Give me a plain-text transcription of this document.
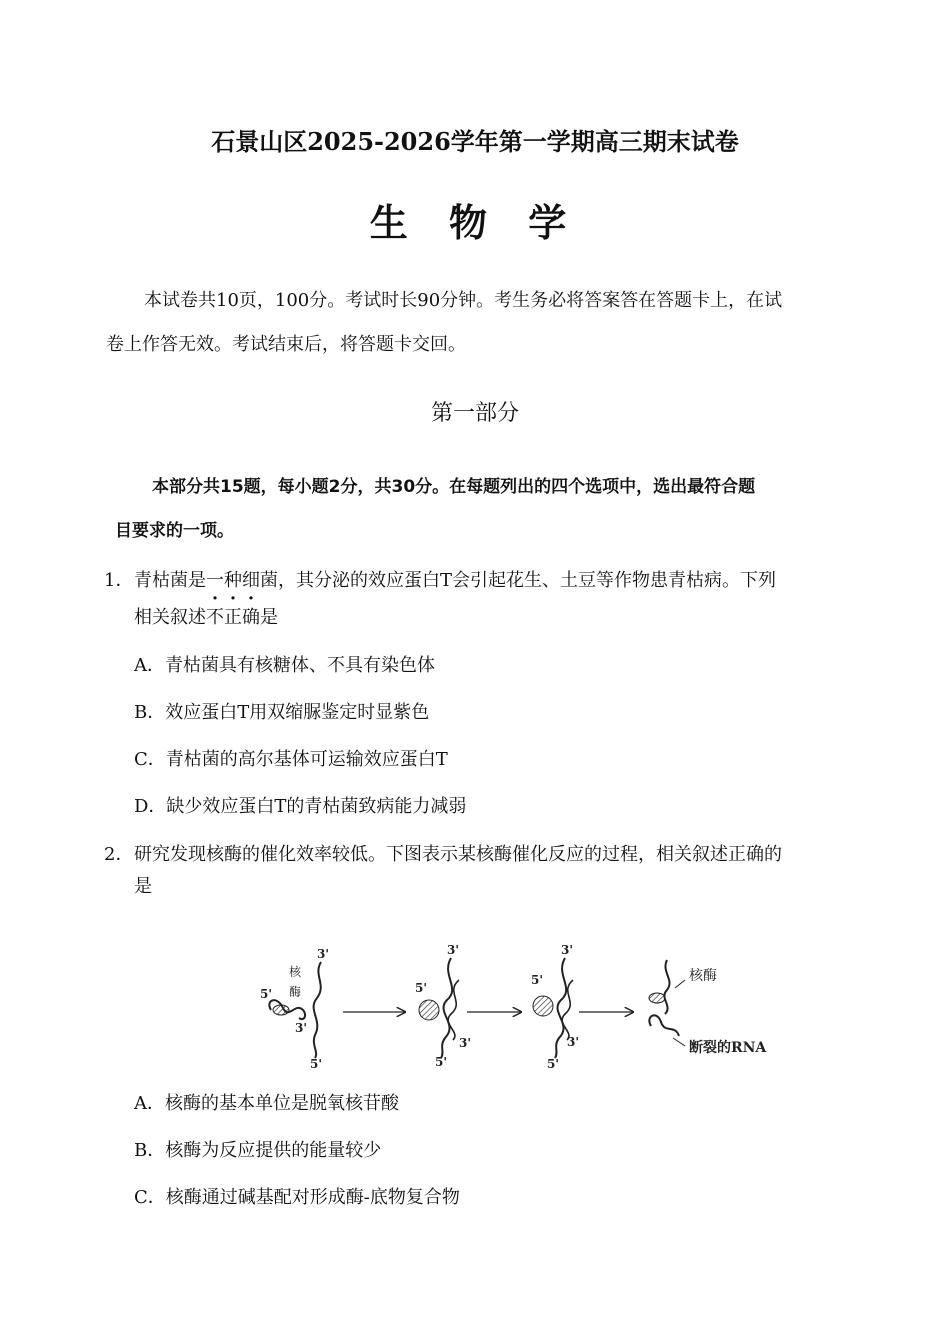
石景山区2025-2026学年第一学期高三期末试卷
生 物 学
本试卷共10页，100分。考试时长90分钟。考生务必将答案答在答题卡上，在试
卷上作答无效。考试结束后，将答题卡交回。
第一部分
本部分共15题，每小题2分，共30分。在每题列出的四个选项中，选出最符合题
目要求的一项。
1． 青枯菌是一种细菌，其分泌的效应蛋白T会引起花生、土豆等作物患青枯病。下列
相关叙述不正确是
A．青枯菌具有核糖体、不具有染色体
B．效应蛋白T用双缩脲鉴定时显紫色
C．青枯菌的高尔基体可运输效应蛋白T
D．缺少效应蛋白T的青枯菌致病能力减弱
2． 研究发现核酶的催化效率较低。下图表示某核酶催化反应的过程，相关叙述正确的
是
核
酶
5'
3'
3'
5'
3'
5'
3'
5'
3'
5'
3'
5'
核酶
断裂的RNA
A．核酶的基本单位是脱氧核苷酸
B．核酶为反应提供的能量较少
C．核酶通过碱基配对形成酶-底物复合物
